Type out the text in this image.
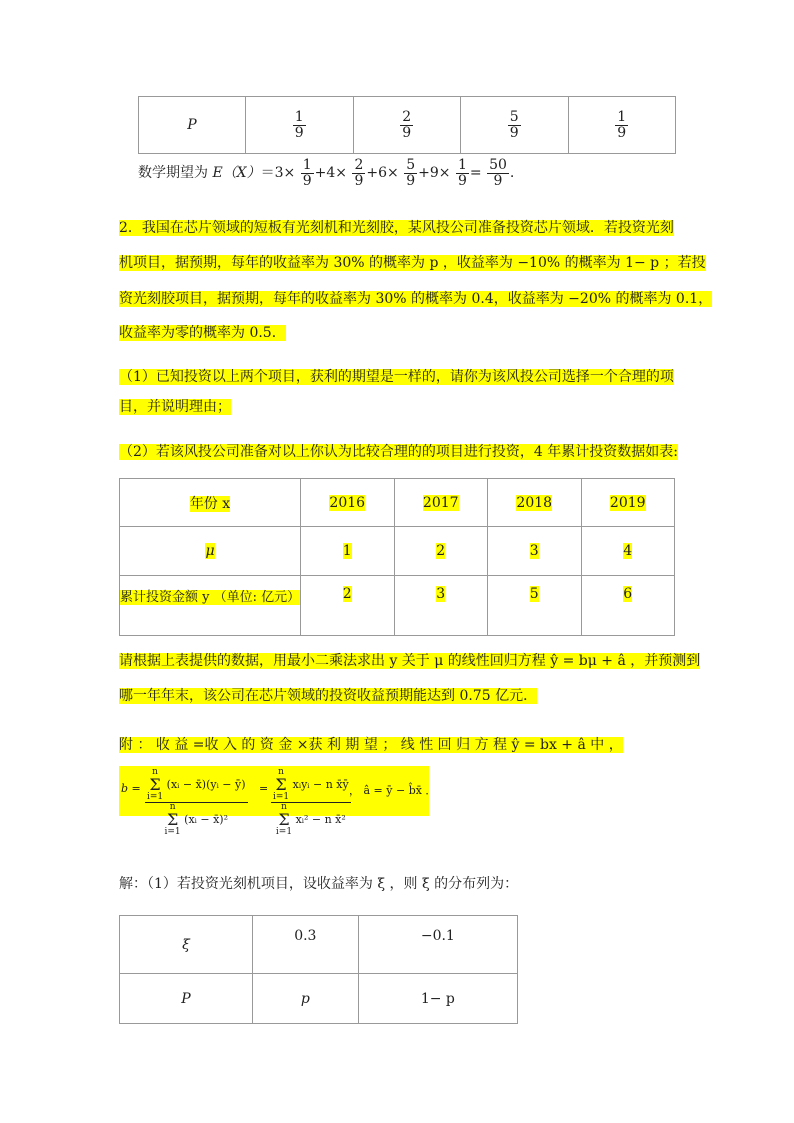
P	$\frac{1}{9}$	$\frac{2}{9}$	$\frac{5}{9}$	$\frac{1}{9}$
数学期望为 $E(X)=3\times \frac{1}{9} +4\times \frac{2}{9} +6\times \frac{5}{9} +9\times \frac{1}{9} = \frac{50}{9}$ .
2．我国在芯片领域的短板有光刻机和光刻胶，某风投公司准备投资芯片领域．若投资光刻
机项目，据预期，每年的收益率为 30% 的概率为 p ，收益率为 −10% 的概率为 1− p ；若投
资光刻胶项目，据预期，每年的收益率为 30% 的概率为 0.4，收益率为 −20% 的概率为 0.1，
收益率为零的概率为 0.5．
（1）已知投资以上两个项目，获利的期望是一样的，请你为该风投公司选择一个合理的项
目，并说明理由；
（2）若该风投公司准备对以上你认为比较合理的的项目进行投资，4 年累计投资数据如表:
年份 x	2016	2017	2018	2019
μ	1	2	3	4
累计投资金额 y （单位: 亿元）	2	3	5	6
请根据上表提供的数据，用最小二乘法求出 y 关于 μ 的线性回归方程 ŷ = bμ + â ，并预测到
哪一年年末，该公司在芯片领域的投资收益预期能达到 0.75 亿元．
附 ： 收 益 =收 入 的 资 金 ×获 利 期 望 ； 线 性 回 归 方 程 ŷ = bx + â 中 ，
b =
n
Σ
i=1
(xᵢ − x̄)(yᵢ − ȳ)
n
Σ
i=1
(xᵢ − x̄)²
=
n
Σ
i=1
xᵢyᵢ − n x̄ȳ
n
Σ
i=1
xᵢ² − n x̄²
， â = ȳ − b̂x̄ ．
解：（1）若投资光刻机项目，设收益率为 ξ ，则 ξ 的分布列为：
ξ	0.3	−0.1
P	p	1− p
